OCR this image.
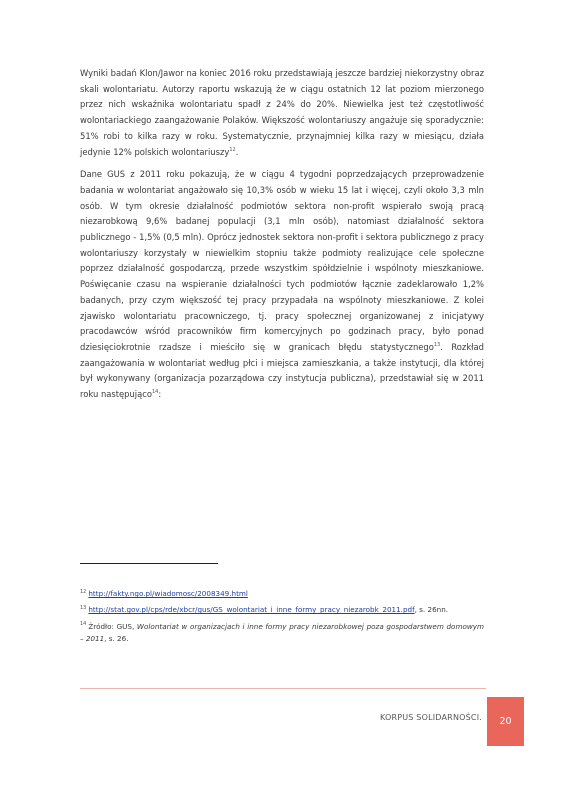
Wyniki badań Klon/Jawor na koniec 2016 roku przedstawiają jeszcze bardziej niekorzystny obraz skali wolontariatu. Autorzy raportu wskazują że w ciągu ostatnich 12 lat poziom mierzonego przez nich wskaźnika wolontariatu spadł z 24% do 20%. Niewielka jest też częstotliwość wolontariackiego zaangażowanie Polaków. Większość wolontariuszy angażuje się sporadycznie: 51% robi to kilka razy w roku. Systematycznie, przynajmniej kilka razy w miesiącu, działa jedynie 12% polskich wolontariuszy$^{12}$.

Dane GUS z 2011 roku pokazują, że w ciągu 4 tygodni poprzedzających przeprowadzenie badania w wolontariat angażowało się 10,3% osób w wieku 15 lat i więcej, czyli około 3,3 mln osób. W tym okresie działalność podmiotów sektora non-profit wspierało swoją pracą niezarobkową 9,6% badanej populacji (3,1 mln osób), natomiast działalność sektora publicznego - 1,5% (0,5 mln). Oprócz jednostek sektora non-profit i sektora publicznego z pracy wolontariuszy korzystały w niewielkim stopniu także podmioty realizujące cele społeczne poprzez działalność gospodarczą, przede wszystkim spółdzielnie i wspólnoty mieszkaniowe. Poświęcanie czasu na wspieranie działalności tych podmiotów łącznie zadeklarowało 1,2% badanych, przy czym większość tej pracy przypadała na wspólnoty mieszkaniowe. Z kolei zjawisko wolontariatu pracowniczego, tj. pracy społecznej organizowanej z inicjatywy pracodawców wśród pracowników firm komercyjnych po godzinach pracy, było ponad dziesięciokrotnie rzadsze i mieściło się w granicach błędu statystycznego$^{13}$. Rozkład zaangażowania w wolontariat według płci i miejsca zamieszkania, a także instytucji, dla której był wykonywany (organizacja pozarządowa czy instytucja publiczna), przedstawiał się w 2011 roku następująco$^{14}$:

$^{12}$ http://fakty.ngo.pl/wiadomosc/2008349.html
$^{13}$ http://stat.gov.pl/cps/rde/xbcr/gus/GS_wolontariat_i_inne_formy_pracy_niezarobk_2011.pdf, s. 26nn.
$^{14}$ Źródło: GUS, Wolontariat w organizacjach i inne formy pracy niezarobkowej poza gospodarstwem domowym – 2011, s. 26.
KORPUS SOLIDARNOŚCI. 20
